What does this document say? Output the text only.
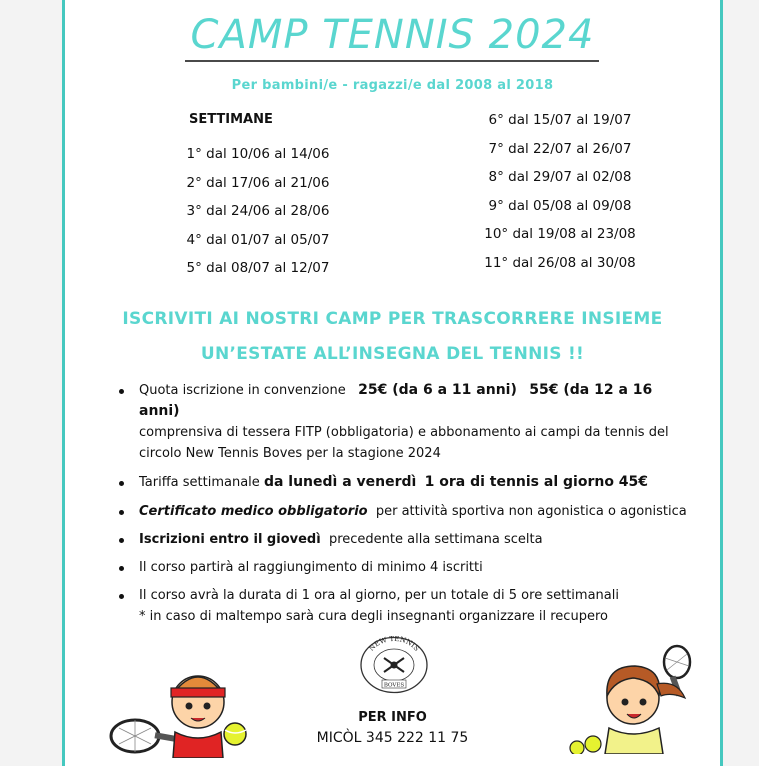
CAMP TENNIS 2024
Per bambini/e - ragazzi/e dal 2008 al 2018
SETTIMANE
1° dal 10/06 al 14/06
2° dal 17/06 al 21/06
3° dal 24/06 al 28/06
4° dal 01/07 al 05/07
5° dal 08/07 al 12/07
6° dal 15/07 al 19/07
7° dal 22/07 al 26/07
8° dal 29/07 al 02/08
9° dal 05/08 al 09/08
10° dal 19/08 al 23/08
11° dal 26/08 al 30/08
ISCRIVITI AI NOSTRI CAMP PER TRASCORRERE INSIEME
UN’ESTATE ALL’INSEGNA DEL TENNIS !!
Quota iscrizione in convenzione 25€ (da 6 a 11 anni) 55€ (da 12 a 16 anni)
comprensiva di tessera FITP (obbligatoria) e abbonamento ai campi da tennis del circolo New Tennis Boves per la stagione 2024
Tariffa settimanale da lunedì a venerdì 1 ora di tennis al giorno 45€
Certificato medico obbligatorio per attività sportiva non agonistica o agonistica
Iscrizioni entro il giovedì precedente alla settimana scelta
Il corso partirà al raggiungimento di minimo 4 iscritti
Il corso avrà la durata di 1 ora al giorno, per un totale di 5 ore settimanali
* in caso di maltempo sarà cura degli insegnanti organizzare il recupero
NEW TENNIS
BOVES
PER INFO
MICÒL 345 222 11 75
